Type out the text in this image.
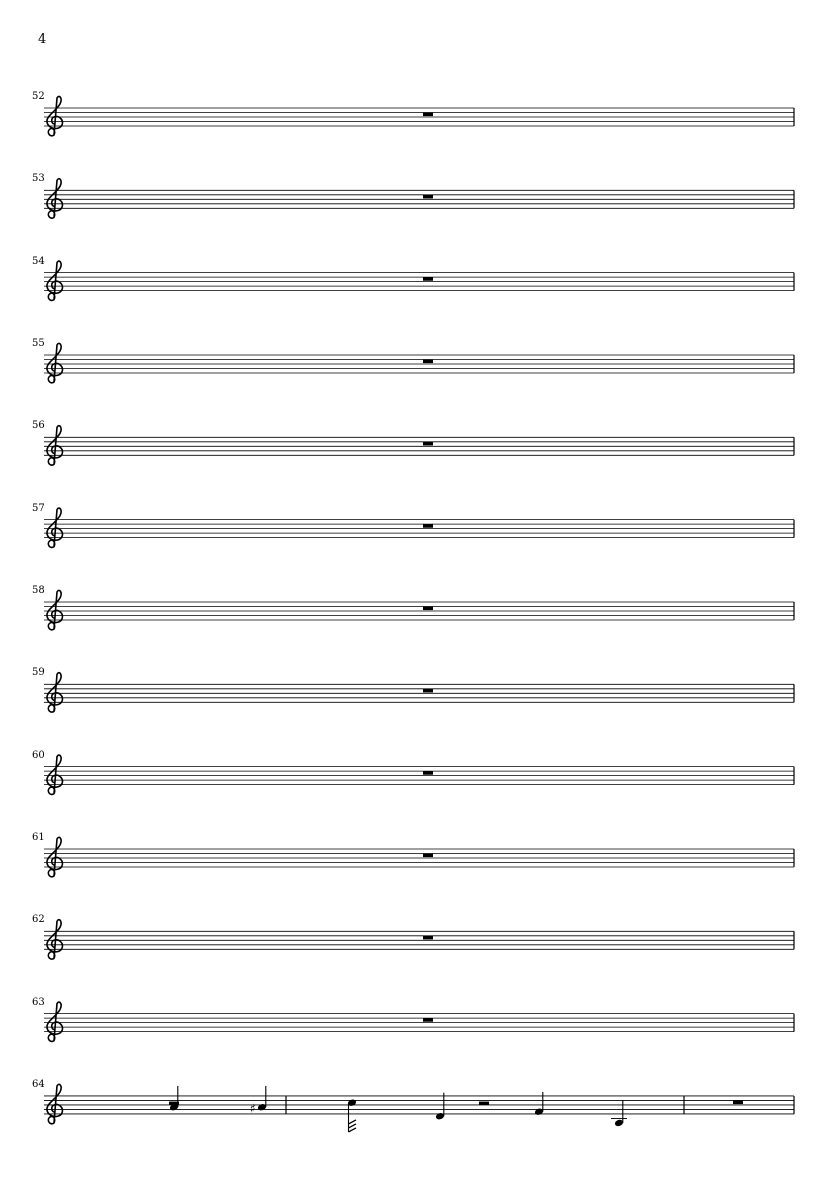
4
52
53
54
55
56
57
58
59
60
61
62
63
64
♯
